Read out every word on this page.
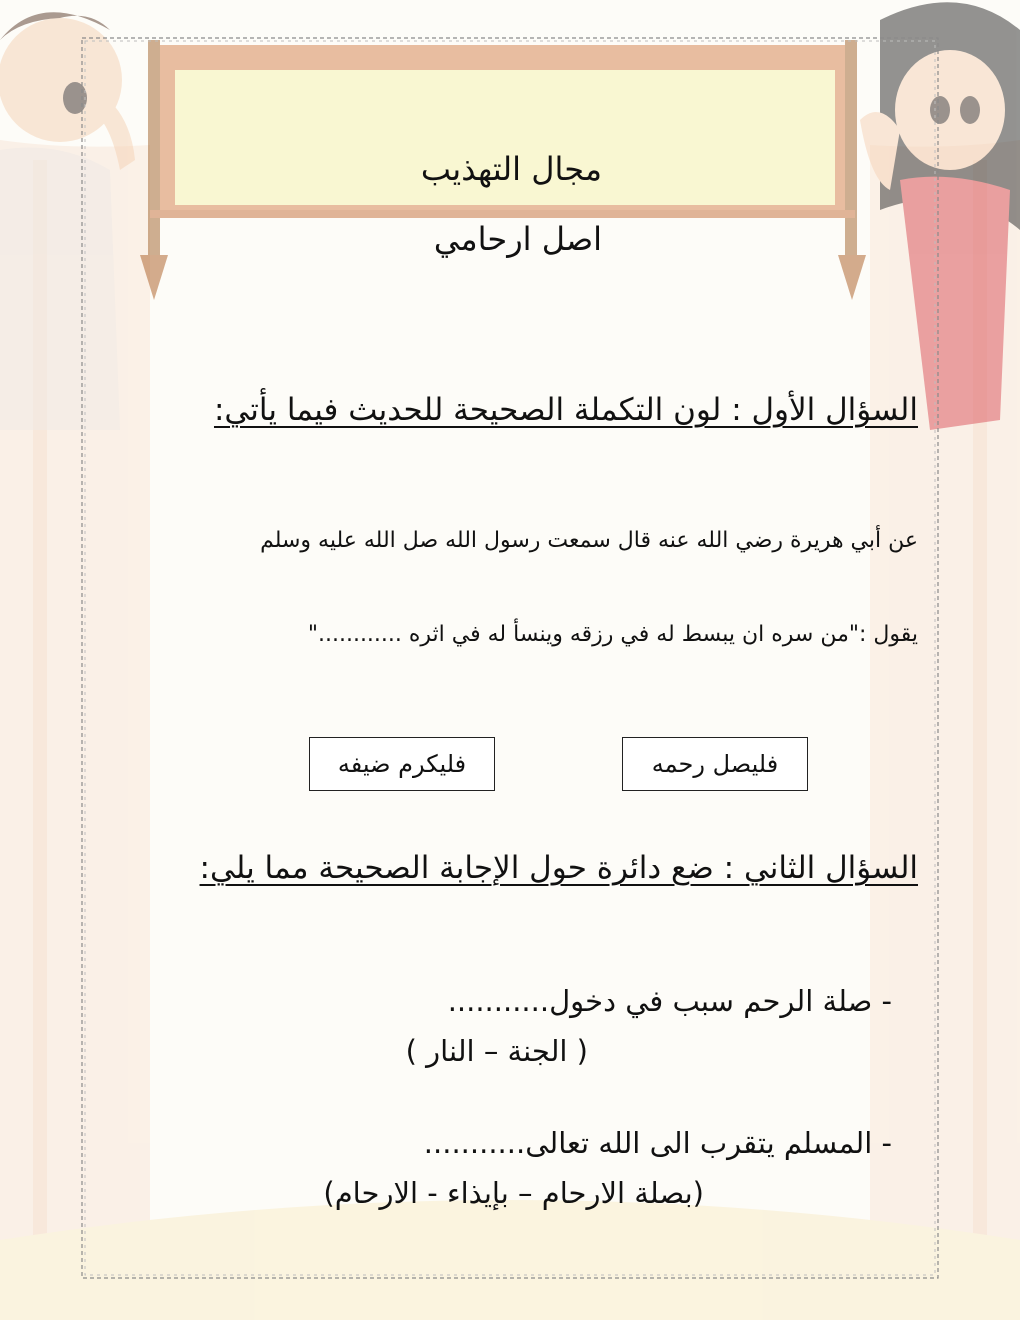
مجال التهذيب
اصل ارحامي
السؤال الأول : لون التكملة الصحيحة للحديث فيما يأتي:
عن أبي هريرة رضي الله عنه قال سمعت رسول الله صل الله عليه وسلم
يقول :"من سره ان يبسط له في رزقه وينسأ له في اثره ............"
فليصل رحمه
فليكرم ضيفه
السؤال الثاني : ضع دائرة حول الإجابة الصحيحة مما يلي:
- صلة الرحم سبب في دخول...........
( الجنة – النار )
- المسلم يتقرب الى الله تعالى...........
(بصلة الارحام – بإيذاء - الارحام)
